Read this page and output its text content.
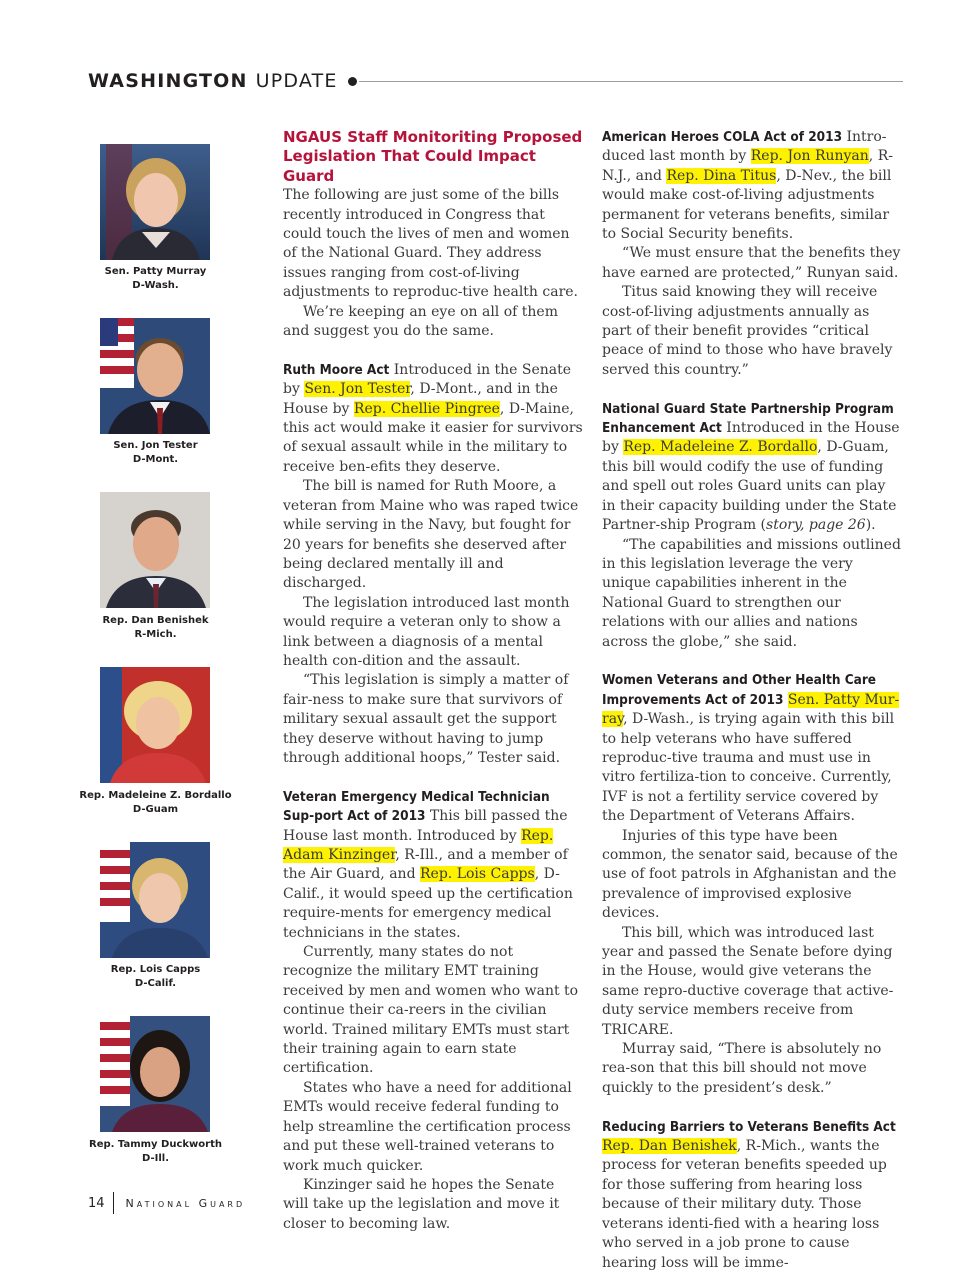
WASHINGTON UPDATE
Sen. Patty Murray
D-Wash.
Sen. Jon Tester
D-Mont.
Rep. Dan Benishek
R-Mich.
Rep. Madeleine Z. Bordallo
D-Guam
Rep. Lois Capps
D-Calif.
Rep. Tammy Duckworth
D-Ill.
NGAUS Staff Monitoriting Proposed
Legislation That Could Impact Guard

The following are just some of the bills recently introduced in Congress that could touch the lives of men and women of the National Guard. They address issues ranging from cost-of-living adjustments to reproduc-tive health care.

We’re keeping an eye on all of them and suggest you do the same.

Ruth Moore Act Introduced in the Senate by Sen. Jon Tester, D-Mont., and in the House by Rep. Chellie Pingree, D-Maine, this act would make it easier for survivors of sexual assault while in the military to receive ben-efits they deserve.

The bill is named for Ruth Moore, a veteran from Maine who was raped twice while serving in the Navy, but fought for 20 years for benefits she deserved after being declared mentally ill and discharged.

The legislation introduced last month would require a veteran only to show a link between a diagnosis of a mental health con-dition and the assault.

“This legislation is simply a matter of fair-ness to make sure that survivors of military sexual assault get the support they deserve without having to jump through additional hoops,” Tester said.

Veteran Emergency Medical Technician Sup-port Act of 2013 This bill passed the House last month. Introduced by Rep. Adam Kinzinger, R-Ill., and a member of the Air Guard, and Rep. Lois Capps, D-Calif., it would speed up the certification require-ments for emergency medical technicians in the states.

Currently, many states do not recognize the military EMT training received by men and women who want to continue their ca-reers in the civilian world. Trained military EMTs must start their training again to earn state certification.

States who have a need for additional EMTs would receive federal funding to help streamline the certification process and put these well-trained veterans to work much quicker.

Kinzinger said he hopes the Senate will take up the legislation and move it closer to becoming law.

American Heroes COLA Act of 2013 Intro-duced last month by Rep. Jon Runyan, R-N.J., and Rep. Dina Titus, D-Nev., the bill would make cost-of-living adjustments permanent for veterans benefits, similar to Social Security benefits.

“We must ensure that the benefits they have earned are protected,” Runyan said.

Titus said knowing they will receive cost-of-living adjustments annually as part of their benefit provides “critical peace of mind to those who have bravely served this country.”

National Guard State Partnership Program Enhancement Act Introduced in the House by Rep. Madeleine Z. Bordallo, D-Guam, this bill would codify the use of funding and spell out roles Guard units can play in their capacity building under the State Partner-ship Program (story, page 26).

“The capabilities and missions outlined in this legislation leverage the very unique capabilities inherent in the National Guard to strengthen our relations with our allies and nations across the globe,” she said.

Women Veterans and Other Health Care Improvements Act of 2013 Sen. Patty Mur-ray, D-Wash., is trying again with this bill to help veterans who have suffered reproduc-tive trauma and must use in vitro fertiliza-tion to conceive. Currently, IVF is not a fertility service covered by the Department of Veterans Affairs.

Injuries of this type have been common, the senator said, because of the use of foot patrols in Afghanistan and the prevalence of improvised explosive devices.

This bill, which was introduced last year and passed the Senate before dying in the House, would give veterans the same repro-ductive coverage that active-duty service members receive from TRICARE.

Murray said, “There is absolutely no rea-son that this bill should not move quickly to the president’s desk.”

Reducing Barriers to Veterans Benefits Act
Rep. Dan Benishek, R-Mich., wants the process for veteran benefits speeded up for those suffering from hearing loss because of their military duty. Those veterans identi-fied with a hearing loss who served in a job prone to cause hearing loss will be imme-

14 National Guard
